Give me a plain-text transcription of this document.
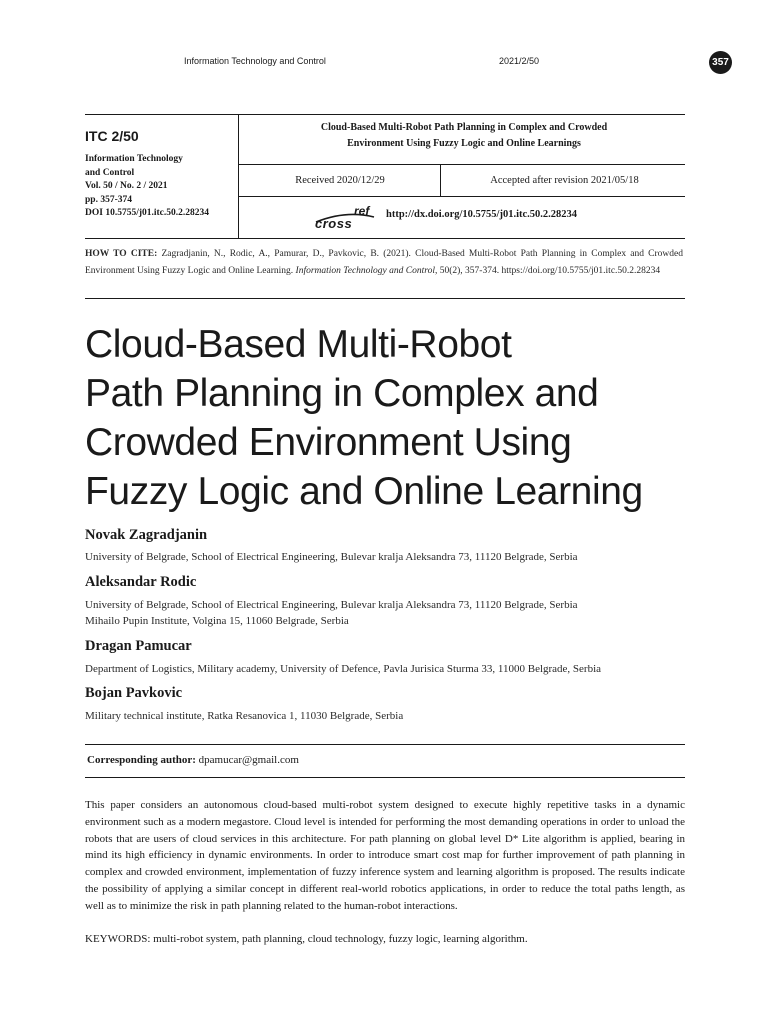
Information Technology and Control	2021/2/50	357
ITC 2/50
Information Technology
and Control
Vol. 50 / No. 2 / 2021
pp. 357-374
DOI 10.5755/j01.itc.50.2.28234
Cloud-Based Multi-Robot Path Planning in Complex and Crowded
Environment Using Fuzzy Logic and Online Learnings
Received 2020/12/29	Accepted after revision 2021/05/18
cross
ref http://dx.doi.org/10.5755/j01.itc.50.2.28234
HOW TO CITE: Zagradjanin, N., Rodic, A., Pamurar, D., Pavkovic, B. (2021). Cloud-Based Multi-Robot Path Planning in Complex and Crowded Environment Using Fuzzy Logic and Online Learning. Information Technology and Control, 50(2), 357-374. https://doi.org/10.5755/j01.itc.50.2.28234
Cloud-Based Multi-Robot
Path Planning in Complex and
Crowded Environment Using
Fuzzy Logic and Online Learning
Novak Zagradjanin
University of Belgrade, School of Electrical Engineering, Bulevar kralja Aleksandra 73, 11120 Belgrade, Serbia
Aleksandar Rodic
University of Belgrade, School of Electrical Engineering, Bulevar kralja Aleksandra 73, 11120 Belgrade, Serbia
Mihailo Pupin Institute, Volgina 15, 11060 Belgrade, Serbia
Dragan Pamucar
Department of Logistics, Military academy, University of Defence, Pavla Jurisica Sturma 33, 11000 Belgrade, Serbia
Bojan Pavkovic
Military technical institute, Ratka Resanovica 1, 11030 Belgrade, Serbia
Corresponding author: dpamucar@gmail.com
This paper considers an autonomous cloud-based multi-robot system designed to execute highly repetitive tasks in a dynamic environment such as a modern megastore. Cloud level is intended for performing the most demanding operations in order to unload the robots that are users of cloud services in this architecture. For path planning on global level D* Lite algorithm is applied, bearing in mind its high efficiency in dynamic environments. In order to introduce smart cost map for further improvement of path planning in complex and crowded environment, implementation of fuzzy inference system and learning algorithm is proposed. The results indicate the possibility of applying a similar concept in different real-world robotics applications, in order to reduce the total paths length, as well as to minimize the risk in path planning related to the human-robot interactions.
KEYWORDS: multi-robot system, path planning, cloud technology, fuzzy logic, learning algorithm.
